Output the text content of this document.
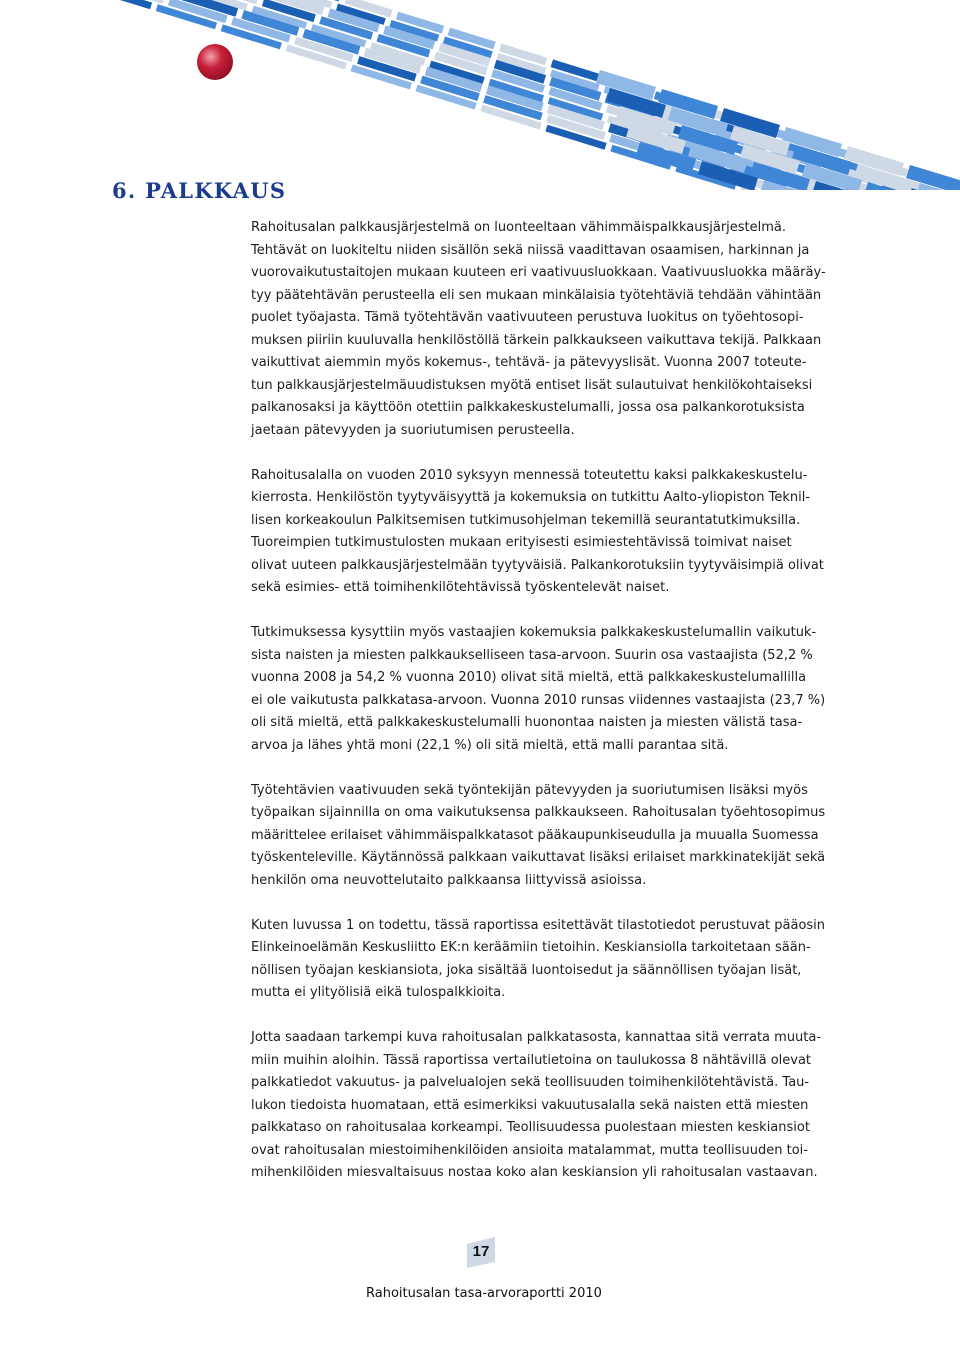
6. PALKKAUS

Rahoitusalan palkkausjärjestelmä on luonteeltaan vähimmäispalkkausjärjestelmä.
Tehtävät on luokiteltu niiden sisällön sekä niissä vaadittavan osaamisen, harkinnan ja
vuorovaikutustaitojen mukaan kuuteen eri vaativuusluokkaan. Vaativuusluokka määräy-
tyy päätehtävän perusteella eli sen mukaan minkälaisia työtehtäviä tehdään vähintään
puolet työajasta. Tämä työtehtävän vaativuuteen perustuva luokitus on työehtosopi-
muksen piiriin kuuluvalla henkilöstöllä tärkein palkkaukseen vaikuttava tekijä. Palkkaan
vaikuttivat aiemmin myös kokemus-, tehtävä- ja pätevyyslisät. Vuonna 2007 toteute-
tun palkkausjärjestelmäuudistuksen myötä entiset lisät sulautuivat henkilökohtaiseksi
palkanosaksi ja käyttöön otettiin palkkakeskustelumalli, jossa osa palkankorotuksista
jaetaan pätevyyden ja suoriutumisen perusteella.

Rahoitusalalla on vuoden 2010 syksyyn mennessä toteutettu kaksi palkkakeskustelu-
kierrosta. Henkilöstön tyytyväisyyttä ja kokemuksia on tutkittu Aalto-yliopiston Teknil-
lisen korkeakoulun Palkitsemisen tutkimusohjelman tekemillä seurantatutkimuksilla.
Tuoreimpien tutkimustulosten mukaan erityisesti esimiestehtävissä toimivat naiset
olivat uuteen palkkausjärjestelmään tyytyväisiä. Palkankorotuksiin tyytyväisimpiä olivat
sekä esimies- että toimihenkilötehtävissä työskentelevät naiset.

Tutkimuksessa kysyttiin myös vastaajien kokemuksia palkkakeskustelumallin vaikutuk-
sista naisten ja miesten palkkaukselliseen tasa-arvoon. Suurin osa vastaajista (52,2 %
vuonna 2008 ja 54,2 % vuonna 2010) olivat sitä mieltä, että palkkakeskustelumallilla
ei ole vaikutusta palkkatasa-arvoon. Vuonna 2010 runsas viidennes vastaajista (23,7 %)
oli sitä mieltä, että palkkakeskustelumalli huonontaa naisten ja miesten välistä tasa-
arvoa ja lähes yhtä moni (22,1 %) oli sitä mieltä, että malli parantaa sitä.

Työtehtävien vaativuuden sekä työntekijän pätevyyden ja suoriutumisen lisäksi myös
työpaikan sijainnilla on oma vaikutuksensa palkkaukseen. Rahoitusalan työehtosopimus
määrittelee erilaiset vähimmäispalkkatasot pääkaupunkiseudulla ja muualla Suomessa
työskenteleville. Käytännössä palkkaan vaikuttavat lisäksi erilaiset markkinatekijät sekä
henkilön oma neuvottelutaito palkkaansa liittyvissä asioissa.

Kuten luvussa 1 on todettu, tässä raportissa esitettävät tilastotiedot perustuvat pääosin
Elinkeinoelämän Keskusliitto EK:n keräämiin tietoihin. Keskiansiolla tarkoitetaan sään-
nöllisen työajan keskiansiota, joka sisältää luontoisedut ja säännöllisen työajan lisät,
mutta ei ylityölisiä eikä tulospalkkioita.

Jotta saadaan tarkempi kuva rahoitusalan palkkatasosta, kannattaa sitä verrata muuta-
miin muihin aloihin. Tässä raportissa vertailutietoina on taulukossa 8 nähtävillä olevat
palkkatiedot vakuutus- ja palvelualojen sekä teollisuuden toimihenkilötehtävistä. Tau-
lukon tiedoista huomataan, että esimerkiksi vakuutusalalla sekä naisten että miesten
palkkataso on rahoitusalaa korkeampi. Teollisuudessa puolestaan miesten keskiansiot
ovat rahoitusalan miestoimihenkilöiden ansioita matalammat, mutta teollisuuden toi-
mihenkilöiden miesvaltaisuus nostaa koko alan keskiansion yli rahoitusalan vastaavan.

17
Rahoitusalan tasa-arvoraportti 2010
